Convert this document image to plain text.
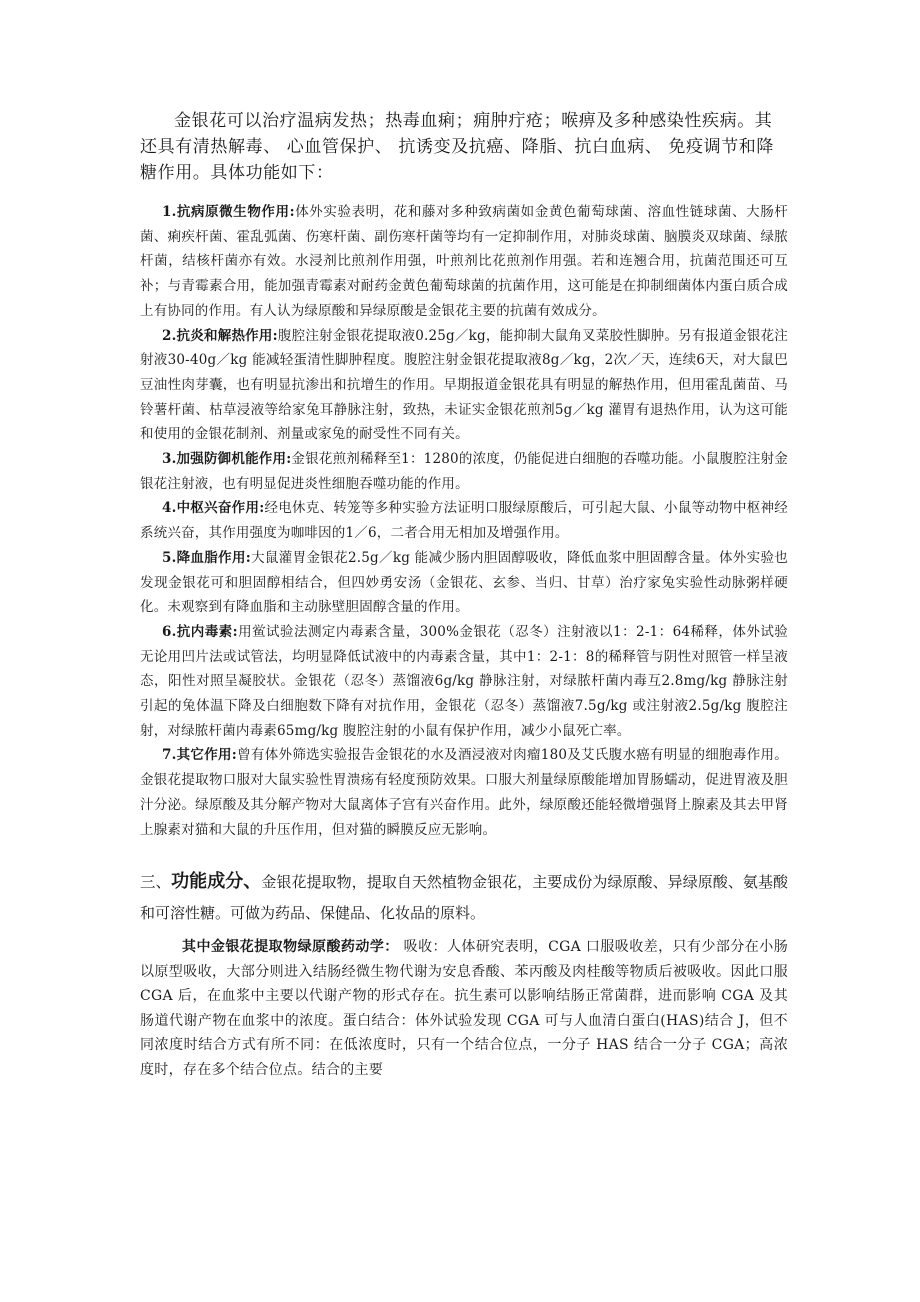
金银花可以治疗温病发热；热毒血痢；痈肿疔疮；喉痹及多种感染性疾病。其还具有清热解毒、 心血管保护、 抗诱变及抗癌、降脂、抗白血病、 免疫调节和降糖作用。具体功能如下：

1.抗病原微生物作用:体外实验表明，花和藤对多种致病菌如金黄色葡萄球菌、溶血性链球菌、大肠杆菌、痢疾杆菌、霍乱弧菌、伤寒杆菌、副伤寒杆菌等均有一定抑制作用，对肺炎球菌、脑膜炎双球菌、绿脓杆菌，结核杆菌亦有效。水浸剂比煎剂作用强，叶煎剂比花煎剂作用强。若和连翘合用，抗菌范围还可互补；与青霉素合用，能加强青霉素对耐药金黄色葡萄球菌的抗菌作用，这可能是在抑制细菌体内蛋白质合成上有协同的作用。有人认为绿原酸和异绿原酸是金银花主要的抗菌有效成分。

2.抗炎和解热作用:腹腔注射金银花提取液0.25g／kg，能抑制大鼠角叉菜胶性脚肿。另有报道金银花注射液30-40g／kg 能减轻蛋清性脚肿程度。腹腔注射金银花提取液8g／kg，2次／天，连续6天，对大鼠巴豆油性肉芽囊，也有明显抗渗出和抗增生的作用。早期报道金银花具有明显的解热作用，但用霍乱菌苗、马铃薯杆菌、枯草浸液等给家兔耳静脉注射，致热，未证实金银花煎剂5g／kg 灌胃有退热作用，认为这可能和使用的金银花制剂、剂量或家兔的耐受性不同有关。

3.加强防御机能作用:金银花煎剂稀释至1：1280的浓度，仍能促进白细胞的吞噬功能。小鼠腹腔注射金银花注射液，也有明显促进炎性细胞吞噬功能的作用。

4.中枢兴奋作用:经电休克、转笼等多种实验方法证明口服绿原酸后，可引起大鼠、小鼠等动物中枢神经系统兴奋，其作用强度为咖啡因的1／6，二者合用无相加及增强作用。

5.降血脂作用:大鼠灌胃金银花2.5g／kg 能减少肠内胆固醇吸收，降低血浆中胆固醇含量。体外实验也发现金银花可和胆固醇相结合，但四妙勇安汤（金银花、玄参、当归、甘草）治疗家兔实验性动脉粥样硬化。未观察到有降血脂和主动脉壁胆固醇含量的作用。

6.抗内毒素:用鲎试验法测定内毒素含量，300%金银花（忍冬）注射液以1：2-1：64稀释，体外试验无论用凹片法或试管法，均明显降低试液中的内毒素含量，其中1：2-1：8的稀释管与阴性对照管一样呈液态，阳性对照呈凝胶状。金银花（忍冬）蒸馏液6g/kg 静脉注射，对绿脓杆菌内毒互2.8mg/kg 静脉注射引起的兔体温下降及白细胞数下降有对抗作用，金银花（忍冬）蒸馏液7.5g/kg 或注射液2.5g/kg 腹腔注射，对绿脓杆菌内毒素65mg/kg 腹腔注射的小鼠有保护作用，减少小鼠死亡率。

7.其它作用:曾有体外筛选实验报告金银花的水及酒浸液对肉瘤180及艾氏腹水癌有明显的细胞毒作用。金银花提取物口服对大鼠实验性胃溃疡有轻度预防效果。口服大剂量绿原酸能增加胃肠蠕动，促进胃液及胆汁分泌。绿原酸及其分解产物对大鼠离体子宫有兴奋作用。此外，绿原酸还能轻微增强肾上腺素及其去甲肾上腺素对猫和大鼠的升压作用，但对猫的瞬膜反应无影响。

三、功能成分、金银花提取物，提取自天然植物金银花，主要成份为绿原酸、异绿原酸、氨基酸和可溶性糖。可做为药品、保健品、化妆品的原料。

其中金银花提取物绿原酸药动学： 吸收：人体研究表明，CGA 口服吸收差，只有少部分在小肠以原型吸收，大部分则进入结肠经微生物代谢为安息香酸、苯丙酸及肉桂酸等物质后被吸收。因此口服 CGA 后，在血浆中主要以代谢产物的形式存在。抗生素可以影响结肠正常菌群，进而影响 CGA 及其肠道代谢产物在血浆中的浓度。蛋白结合：体外试验发现 CGA 可与人血清白蛋白(HAS)结合 J，但不同浓度时结合方式有所不同：在低浓度时，只有一个结合位点，一分子 HAS 结合一分子 CGA；高浓度时，存在多个结合位点。结合的主要
